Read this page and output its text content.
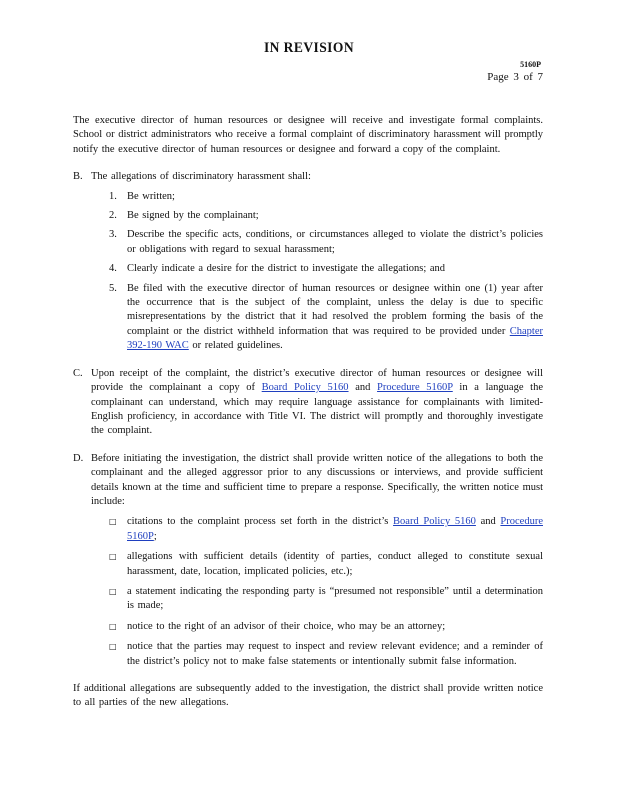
IN REVISION
5160P
Page 3 of 7

The executive director of human resources or designee will receive and investigate formal complaints. School or district administrators who receive a formal complaint of discriminatory harassment will promptly notify the executive director of human resources or designee and forward a copy of the complaint.

B. The allegations of discriminatory harassment shall:

1. Be written;
2. Be signed by the complainant;
3. Describe the specific acts, conditions, or circumstances alleged to violate the district’s policies or obligations with regard to sexual harassment;
4. Clearly indicate a desire for the district to investigate the allegations; and
5. Be filed with the executive director of human resources or designee within one (1) year after the occurrence that is the subject of the complaint, unless the delay is due to specific misrepresentations by the district that it had resolved the problem forming the basis of the complaint or the district withheld information that was required to be provided under Chapter 392-190 WAC or related guidelines.
C. Upon receipt of the complaint, the district’s executive director of human resources or designee will provide the complainant a copy of Board Policy 5160 and Procedure 5160P in a language the complainant can understand, which may require language assistance for complainants with limited-English proficiency, in accordance with Title VI. The district will promptly and thoroughly investigate the complaint.

D. Before initiating the investigation, the district shall provide written notice of the allegations to both the complainant and the alleged aggressor prior to any discussions or interviews, and provide sufficient details known at the time and sufficient time to prepare a response. Specifically, the written notice must include:

□ citations to the complaint process set forth in the district’s Board Policy 5160 and Procedure 5160P;
□ allegations with sufficient details (identity of parties, conduct alleged to constitute sexual harassment, date, location, implicated policies, etc.);
□ a statement indicating the responding party is “presumed not responsible” until a determination is made;
□ notice to the right of an advisor of their choice, who may be an attorney;
□ notice that the parties may request to inspect and review relevant evidence; and a reminder of the district’s policy not to make false statements or intentionally submit false information.

If additional allegations are subsequently added to the investigation, the district shall provide written notice to all parties of the new allegations.
